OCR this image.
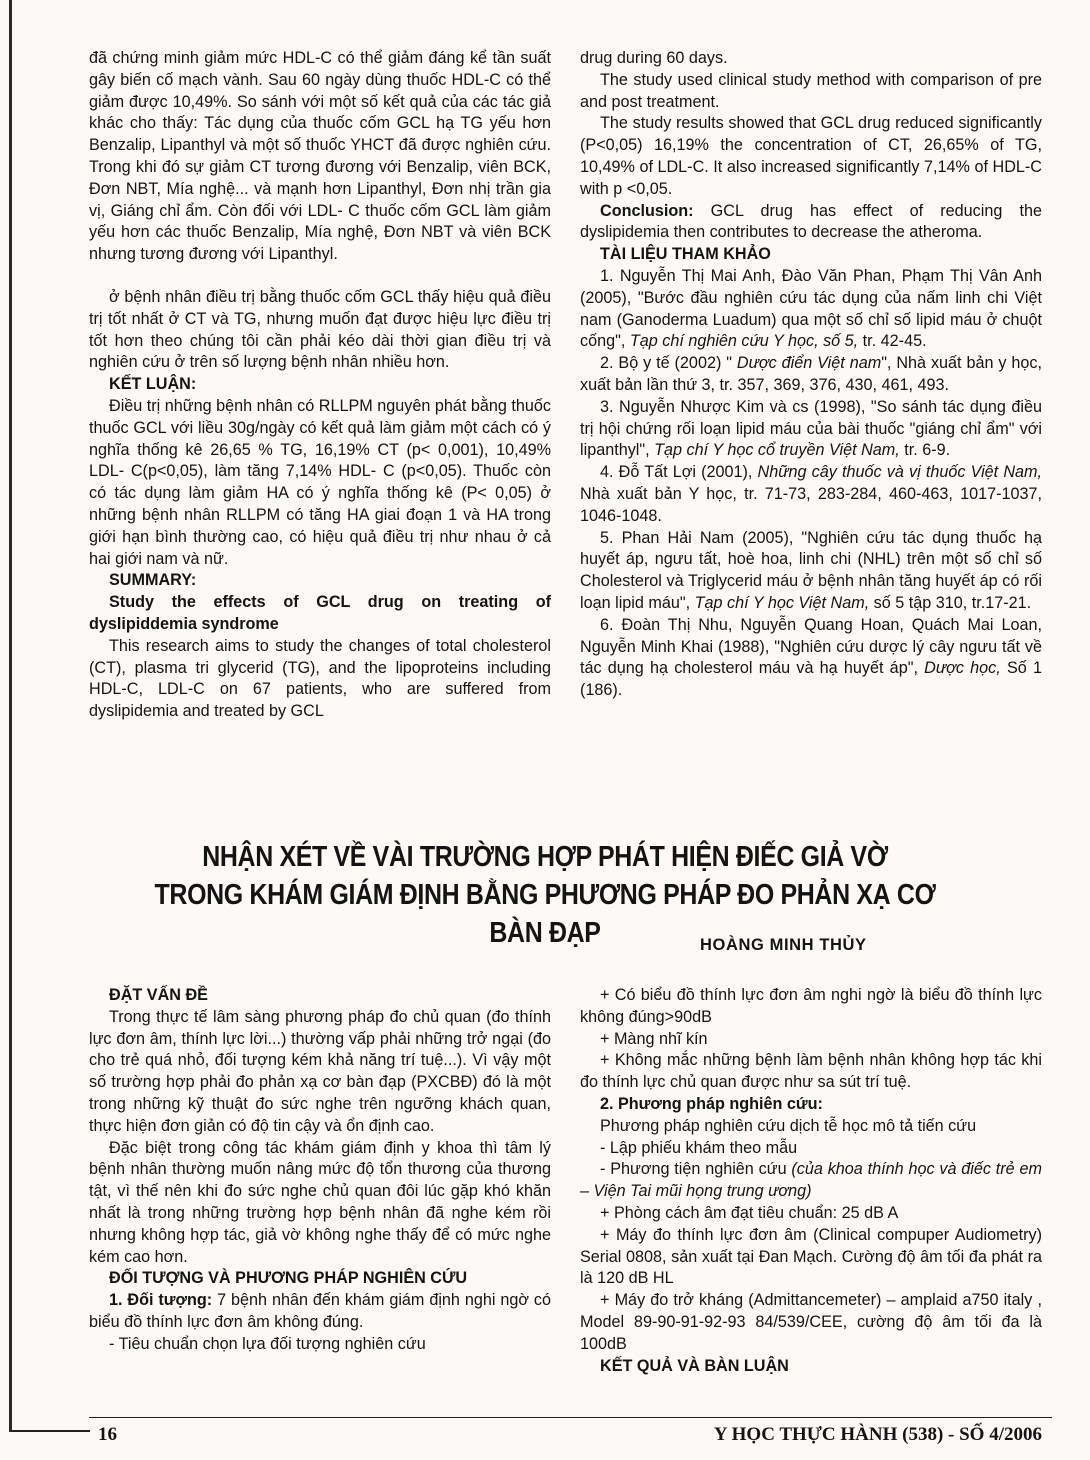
đã chứng minh giảm mức HDL-C có thể giảm đáng kể tần suất gây biến cố mạch vành. Sau 60 ngày dùng thuốc HDL-C có thể giảm được 10,49%. So sánh với một số kết quả của các tác giả khác cho thấy: Tác dụng của thuốc cốm GCL hạ TG yếu hơn Benzalip, Lipanthyl và một số thuốc YHCT đã được nghiên cứu. Trong khi đó sự giảm CT tương đương với Benzalip, viên BCK, Đơn NBT, Mía nghệ... và mạnh hơn Lipanthyl, Đơn nhị trần gia vị, Giáng chỉ ẩm. Còn đối với LDL- C thuốc cốm GCL làm giảm yếu hơn các thuốc Benzalip, Mía nghệ, Đơn NBT và viên BCK nhưng tương đương với Lipanthyl.

ở bệnh nhân điều trị bằng thuốc cốm GCL thấy hiệu quả điều trị tốt nhất ở CT và TG, nhưng muốn đạt được hiệu lực điều trị tốt hơn theo chúng tôi cần phải kéo dài thời gian điều trị và nghiên cứu ở trên số lượng bệnh nhân nhiều hơn.

KẾT LUẬN:

Điều trị những bệnh nhân có RLLPM nguyên phát bằng thuốc thuốc GCL với liều 30g/ngày có kết quả làm giảm một cách có ý nghĩa thống kê 26,65 % TG, 16,19% CT (p< 0,001), 10,49% LDL- C(p<0,05), làm tăng 7,14% HDL- C (p<0,05). Thuốc còn có tác dụng làm giảm HA có ý nghĩa thống kê (P< 0,05) ở những bệnh nhân RLLPM có tăng HA giai đoạn 1 và HA trong giới hạn bình thường cao, có hiệu quả điều trị như nhau ở cả hai giới nam và nữ.

SUMMARY:

Study the effects of GCL drug on treating of dyslipiddemia syndrome

This research aims to study the changes of total cholesterol (CT), plasma tri glycerid (TG), and the lipoproteins including HDL-C, LDL-C on 67 patients, who are suffered from dyslipidemia and treated by GCL

drug during 60 days.

The study used clinical study method with comparison of pre and post treatment.

The study results showed that GCL drug reduced significantly (P<0,05) 16,19% the concentration of CT, 26,65% of TG, 10,49% of LDL-C. It also increased significantly 7,14% of HDL-C with p <0,05.

Conclusion: GCL drug has effect of reducing the dyslipidemia then contributes to decrease the atheroma.

TÀI LIỆU THAM KHẢO

1. Nguyễn Thị Mai Anh, Đào Văn Phan, Phạm Thị Vân Anh (2005), "Bước đầu nghiên cứu tác dụng của nấm linh chi Việt nam (Ganoderma Luadum) qua một số chỉ số lipid máu ở chuột cống", Tạp chí nghiên cứu Y học, số 5, tr. 42-45.

2. Bộ y tế (2002) " Dược điển Việt nam", Nhà xuất bản y học, xuất bản lần thứ 3, tr. 357, 369, 376, 430, 461, 493.

3. Nguyễn Nhược Kim và cs (1998), "So sánh tác dụng điều trị hội chứng rối loạn lipid máu của bài thuốc "giáng chỉ ẩm" với lipanthyl", Tạp chí Y học cổ truyền Việt Nam, tr. 6-9.

4. Đỗ Tất Lợi (2001), Những cây thuốc và vị thuốc Việt Nam, Nhà xuất bản Y học, tr. 71-73, 283-284, 460-463, 1017-1037, 1046-1048.

5. Phan Hải Nam (2005), "Nghiên cứu tác dụng thuốc hạ huyết áp, ngưu tất, hoè hoa, linh chi (NHL) trên một số chỉ số Cholesterol và Triglycerid máu ở bệnh nhân tăng huyết áp có rối loạn lipid máu", Tạp chí Y học Việt Nam, số 5 tập 310, tr.17-21.

6. Đoàn Thị Nhu, Nguyễn Quang Hoan, Quách Mai Loan, Nguyễn Minh Khai (1988), "Nghiên cứu dược lý cây ngưu tất về tác dụng hạ cholesterol máu và hạ huyết áp", Dược học, Số 1 (186).

NHẬN XÉT VỀ VÀI TRƯỜNG HỢP PHÁT HIỆN ĐIẾC GIẢ VỜ
TRONG KHÁM GIÁM ĐỊNH BẰNG PHƯƠNG PHÁP ĐO PHẢN XẠ CƠ BÀN ĐẠP	HOÀNG MINH THỦY

ĐẶT VẤN ĐỀ

Trong thực tế lâm sàng phương pháp đo chủ quan (đo thính lực đơn âm, thính lực lời...) thường vấp phải những trở ngại (đo cho trẻ quá nhỏ, đối tượng kém khả năng trí tuệ...). Vì vậy một số trường hợp phải đo phản xạ cơ bàn đạp (PXCBĐ) đó là một trong những kỹ thuật đo sức nghe trên ngưỡng khách quan, thực hiện đơn giản có độ tin cậy và ổn định cao.

Đặc biệt trong công tác khám giám định y khoa thì tâm lý bệnh nhân thường muốn nâng mức độ tổn thương của thương tật, vì thế nên khi đo sức nghe chủ quan đôi lúc gặp khó khăn nhất là trong những trường hợp bệnh nhân đã nghe kém rồi nhưng không hợp tác, giả vờ không nghe thấy để có mức nghe kém cao hơn.

ĐỐI TƯỢNG VÀ PHƯƠNG PHÁP NGHIÊN CỨU

1. Đối tượng: 7 bệnh nhân đến khám giám định nghi ngờ có biểu đồ thính lực đơn âm không đúng.

- Tiêu chuẩn chọn lựa đối tượng nghiên cứu

+ Có biểu đồ thính lực đơn âm nghi ngờ là biểu đồ thính lực không đúng>90dB

+ Màng nhĩ kín

+ Không mắc những bệnh làm bệnh nhân không hợp tác khi đo thính lực chủ quan được như sa sút trí tuệ.

2. Phương pháp nghiên cứu:

Phương pháp nghiên cứu dịch tễ học mô tả tiến cứu

- Lập phiếu khám theo mẫu

- Phương tiện nghiên cứu (của khoa thính học và điếc trẻ em – Viện Tai mũi họng trung ương)

+ Phòng cách âm đạt tiêu chuẩn: 25 dB A

+ Máy đo thính lực đơn âm (Clinical compuper Audiometry) Serial 0808, sản xuất tại Đan Mạch. Cường độ âm tối đa phát ra là 120 dB HL

+ Máy đo trở kháng (Admittancemeter) – amplaid a750 italy , Model 89-90-91-92-93 84/539/CEE, cường độ âm tối đa là 100dB

KẾT QUẢ VÀ BÀN LUẬN

16	Y HỌC THỰC HÀNH (538) - SỐ 4/2006
